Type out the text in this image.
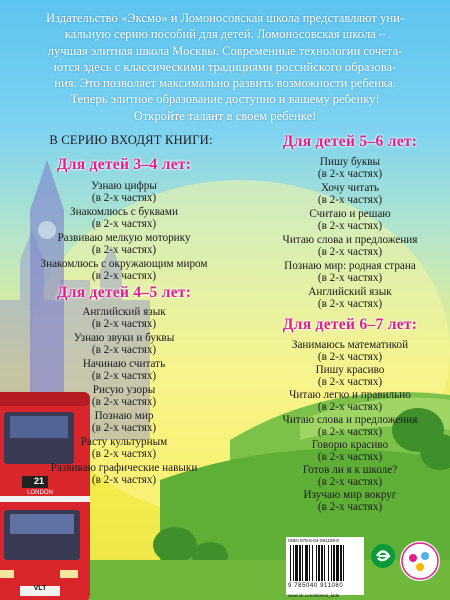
Издательство «Эксмо» и Ломоносовская школа представляют уни-
кальную серию пособий для детей. Ломоносовская школа –
лучшая элитная школа Москвы. Современные технологии сочета-
ются здесь с классическими традициями российского образова-
ния. Это позволяет максимально развить возможности ребенка.
Теперь элитное образование доступно и вашему ребенку!
Откройте талант в своем ребенке!
В СЕРИЮ ВХОДЯТ КНИГИ:
Для детей 3–4 лет:
Узнаю цифры
(в 2-х частях)
Знакомлюсь с буквами
(в 2-х частях)
Развиваю мелкую моторику
(в 2-х частях)
Знакомлюсь с окружающим миром
(в 2-х частях)
Для детей 4–5 лет:
Английский язык
(в 2-х частях)
Узнаю звуки и буквы
(в 2-х частях)
Начинаю считать
(в 2-х частях)
Рисую узоры
(в 2-х частях)
Познаю мир
(в 2-х частях)
Расту культурным
(в 2-х частях)
Развиваю графические навыки
(в 2-х частях)
Для детей 5–6 лет:
Пишу буквы
(в 2-х частях)
Хочу читать
(в 2-х частях)
Считаю и решаю
(в 2-х частях)
Читаю слова и предложения
(в 2-х частях)
Познаю мир: родная страна
(в 2-х частях)
Английский язык
(в 2-х частях)
Для детей 6–7 лет:
Занимаюсь математикой
(в 2-х частях)
Пишу красиво
(в 2-х частях)
Читаю легко и правильно
(в 2-х частях)
Читаю слова и предложения
(в 2-х частях)
Говорю красиво
(в 2-х частях)
Готов ли я к школе?
(в 2-х частях)
Изучаю мир вокруг
(в 2-х частях)
21
LONDON
VLT
ISBN 978-5-04-091108-0
9 785040 911080
www.vk.com/eksmo_kids
